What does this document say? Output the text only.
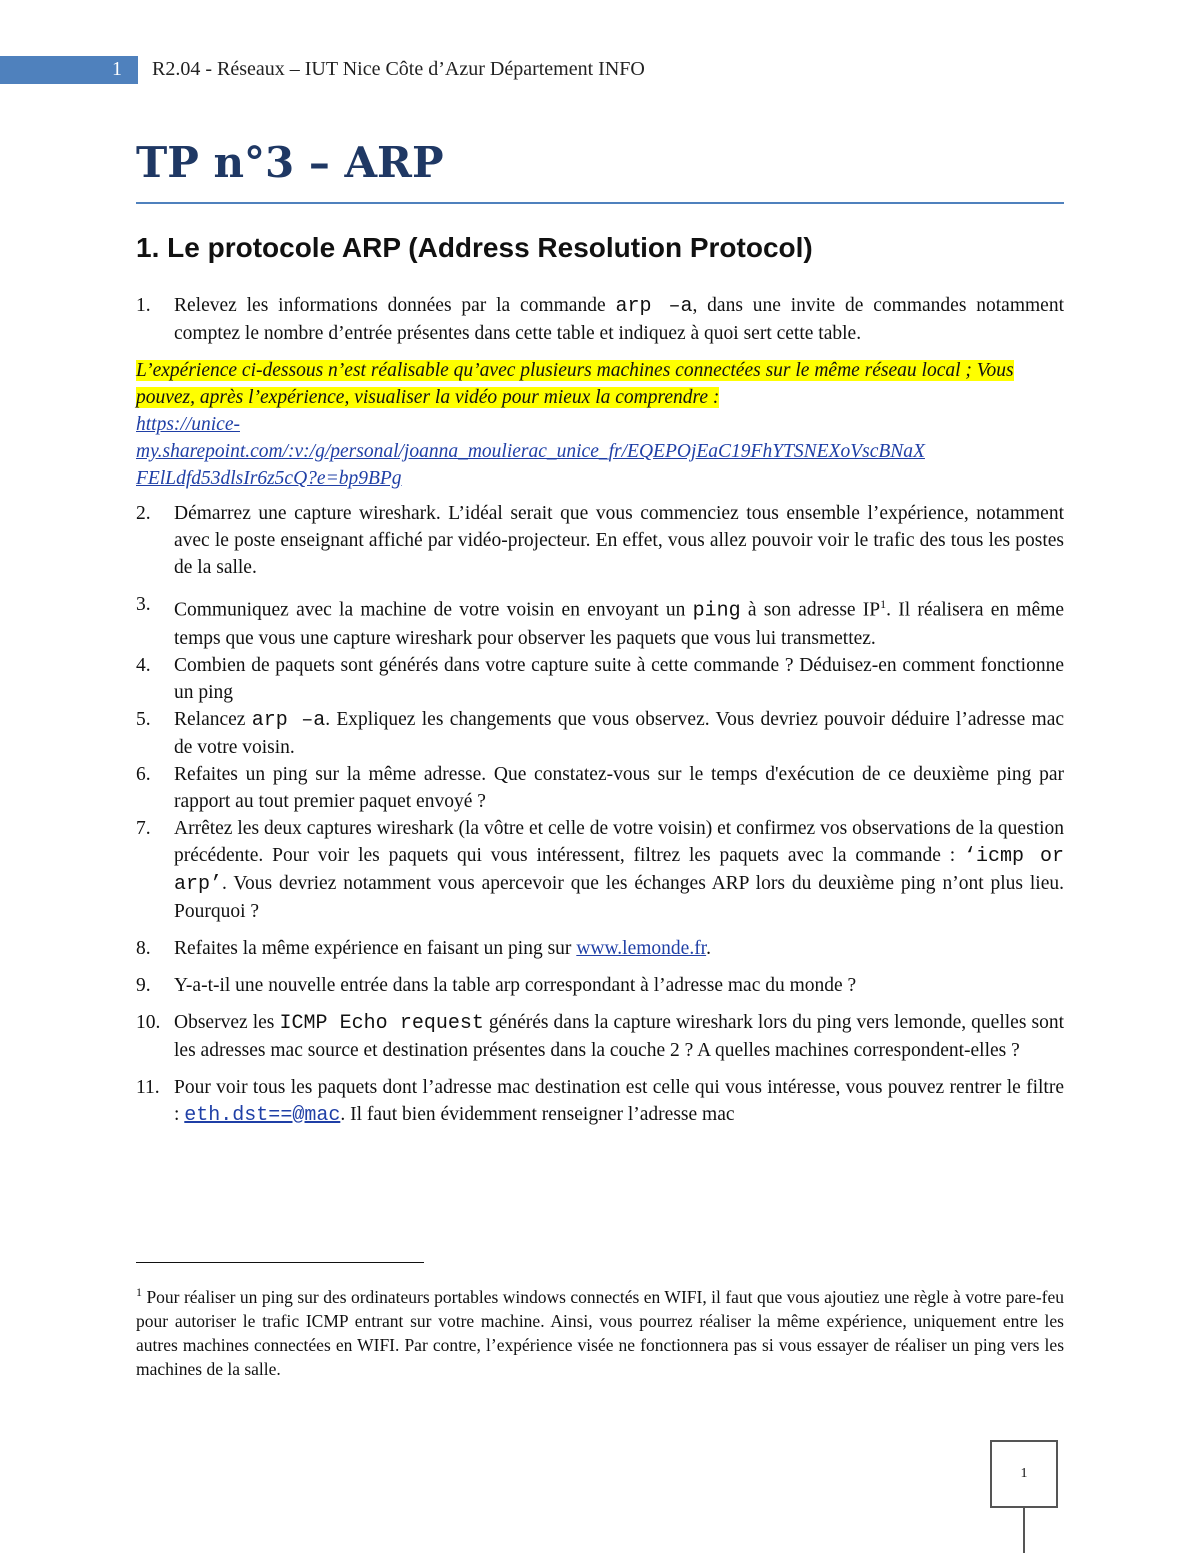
1 R2.04 - Réseaux – IUT Nice Côte d’Azur Département INFO
TP n°3 – ARP
1. Le protocole ARP (Address Resolution Protocol)
1. Relevez les informations données par la commande arp –a, dans une invite de commandes notamment comptez le nombre d’entrée présentes dans cette table et indiquez à quoi sert cette table.
L’expérience ci-dessous n’est réalisable qu’avec plusieurs machines connectées sur le même réseau local ; Vous pouvez, après l’expérience, visualiser la vidéo pour mieux la comprendre :
https://unice-
my.sharepoint.com/:v:/g/personal/joanna_moulierac_unice_fr/EQEPOjEaC19FhYTSNEXoVscBNaX
FElLdfd53dlsIr6z5cQ?e=bp9BPg
2. Démarrez une capture wireshark. L’idéal serait que vous commenciez tous ensemble l’expérience, notamment avec le poste enseignant affiché par vidéo-projecteur. En effet, vous allez pouvoir voir le trafic des tous les postes de la salle.
3. Communiquez avec la machine de votre voisin en envoyant un ping à son adresse IP$^1$. Il réalisera en même temps que vous une capture wireshark pour observer les paquets que vous lui transmettez.
4. Combien de paquets sont générés dans votre capture suite à cette commande ? Déduisez-en comment fonctionne un ping
5. Relancez arp –a. Expliquez les changements que vous observez. Vous devriez pouvoir déduire l’adresse mac de votre voisin.
6. Refaites un ping sur la même adresse. Que constatez-vous sur le temps d'exécution de ce deuxième ping par rapport au tout premier paquet envoyé ?
7. Arrêtez les deux captures wireshark (la vôtre et celle de votre voisin) et confirmez vos observations de la question précédente. Pour voir les paquets qui vous intéressent, filtrez les paquets avec la commande : ‘icmp or arp’. Vous devriez notamment vous apercevoir que les échanges ARP lors du deuxième ping n’ont plus lieu. Pourquoi ?
8. Refaites la même expérience en faisant un ping sur www.lemonde.fr.
9. Y-a-t-il une nouvelle entrée dans la table arp correspondant à l’adresse mac du monde ?
10. Observez les ICMP Echo request générés dans la capture wireshark lors du ping vers lemonde, quelles sont les adresses mac source et destination présentes dans la couche 2 ? A quelles machines correspondent-elles ?
11. Pour voir tous les paquets dont l’adresse mac destination est celle qui vous intéresse, vous pouvez rentrer le filtre : eth.dst==@mac. Il faut bien évidemment renseigner l’adresse mac
$^1$ Pour réaliser un ping sur des ordinateurs portables windows connectés en WIFI, il faut que vous ajoutiez une règle à votre pare-feu pour autoriser le trafic ICMP entrant sur votre machine. Ainsi, vous pourrez réaliser la même expérience, uniquement entre les autres machines connectées en WIFI. Par contre, l’expérience visée ne fonctionnera pas si vous essayer de réaliser un ping vers les machines de la salle.
1
